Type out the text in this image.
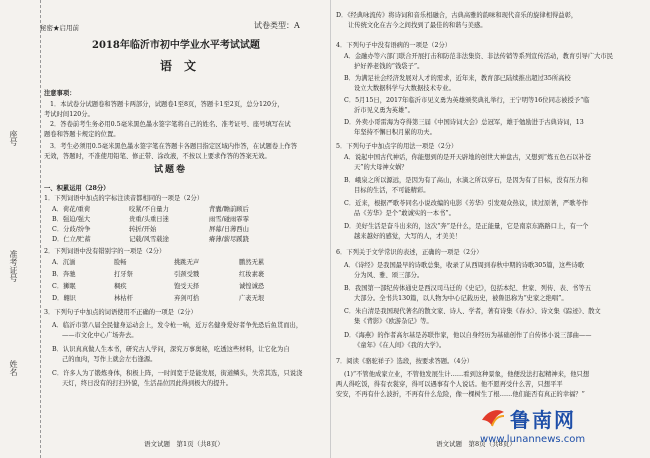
座号
准考证号
姓名
秘密★启用前	试卷类型：A
2018年临沂市初中学业水平考试试题
语文
注意事项：
1．本试卷分试题卷和答题卡两部分，试题卷1至8页，答题卡1至2页，总分120分，
考试时间120分。
2．答卷前考生务必用0.5毫米黑色墨水签字笔将自己的姓名、准考证号、座号填写在试
题卷和答题卡规定的位置。
3．考生必须用0.5毫米黑色墨水签字笔在答题卡各题目指定区域内作答，在试题卷上作答
无效，答题时，不准使用铅笔、修正带、涂改液，不按以上要求作答的答案无效。
试题卷
一、积累运用（28分）
1．下列词语中加点的字标注读音都相同的一项是（2分）
A．荷花/重荷	咬紧/不自量力	背囊/瞻前顾后
B．强迫/强大	贵重/头重日迷	雨雪/碰雨霏霏
C．分歧/纷争	转折/开始	屏幕/日薄西山
D．仁立/贮蓄	记载/风雪载途	瘠薄/薪尽蹊跷
2．下列词语中没有错别字的一项是（2分）
A．沉湎	脸畅	挑跳无声	鹏然无累
B．奔驰	打牙祭	引颈受戮	红妆素裹
C．狮眠	稠疾	饱受天择	诚惶诚恐
D．翱识	林枯杆	弃剑可拾	广袤无垠
3．下列句子中加点的词语使用不正确的一项是（2分）
A．临沂市第八届全民健身运动会上，发令枪一响，近万名健身爱好者争先恐后鱼贯而出，
——市文化中心广场奔去。
B．认识真真做人生本书，研究古人学问，深究万事奥秘，吃透这些材料，让它化为自
己的血肉，写作上就会左右逢源。
C．许多人为了锻炼身体，积极上阵，一时间宽于是能发展，街道鳞头，失常其选，只说浇
天灯，终日没有的打扫外貌，生活品位因此得到极大的提升。
语文试题　第1页（共8页）
D．《经典咏流传》将诗词和音乐相融合，古典高雅的韵味和现代音乐的旋律相得益彰，
让传统文化在古今之间找到了最佳的和谐与美感。
4．下列句子中没有语病的一项是（2分）
A．金融办等六部门联合开展打击和防范非法集资、非法传销等系列宣传活动，教育引导广大市民
护好养老钱的“钱袋子”。
B．为满足社会经济发展对人才的需求，近年来，教育部已陆续推出超过35所高校
设立大数据科学与大数据技术专业。
C．5月15日，2017年临沂市见义勇为英雄颁奖典礼举行，王宁明等16位同志被授予“临
沂市见义勇为英雄”。
D．外卖小哥雷海为夺得第三届《中国诗词大会》总冠军，雄于勉励进于古典诗词，13
年坚持不懈日积月累的功夫。
5．下列句子中加点字的用法一项是（2分）
A．说起中国古代神话，你能想到的是开天辟地的创世大神盘古，又想到“炼五色石以补苍
天”的大母神女娲？
B．峨泉之所以源远，是因为有了高山，水滴之所以穿石，是因为有了目标，没有压力和
目标的生活，不可能精彩。
C．近来，根据严歌苓同名小说改编的电影《芳华》引发观众热议，读过原著，严歌苓作
品《芳华》是个“敢诚实的一本书”。
D．美好生活是奋斗出来的，这次“奔”是什么，是正能量，它是南京东路路口上，有一个
越来越好的感觉，大写的人，才美美！
6．下列关于文学常识的表述，正确的一项是（2分）
A．《诗经》是我国最早的诗歌总集，收录了从西周到春秋中期的诗歌305篇，这些诗歌
分为风、雅、颂三部分。
B．我国第一部纪传体通史是西汉司马迁的《史记》，包括本纪、世家、列传、表、书等五
大部分。全书共130篇，以人物为中心记载历史，被鲁迅称为“史家之绝唱”。
C．朱自清是我国现代著名的散文家、诗人、学者，著有诗集《春水》、诗文集《踪迹》、散文
集《背影》《欧游杂记》等。
D．《海燕》的作者高尔基是苏联作家，他以自身经历为基础创作了自传体小说三部曲——
《童年》《在人间》《我的大学》。
7．阅读《骆驼祥子》选段，按要求答题。（4分）
(1)“不管他成家立业，不管他发展生计……看到这种景象，他便没法打起精神来，他只想
两人得吃饭，得有衣裳穿，得可以遇事有个人说话。他不愿再受什么苦，只想平平
安安，不再有什么波折，不再有什么危险，像一棵树生了根……他们能否有真正的幸福？”
语文试题　第8页（共8页）
鲁南网
www.lunannews.com
